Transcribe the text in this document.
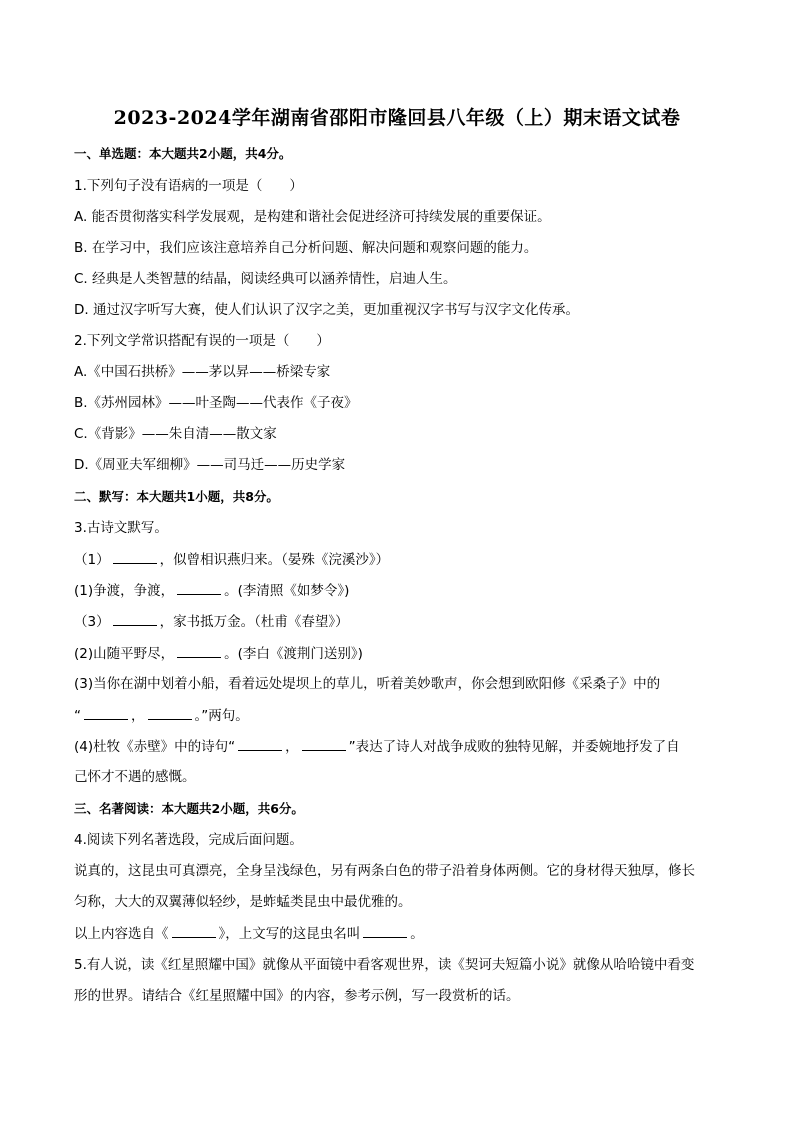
2023-2024学年湖南省邵阳市隆回县八年级（上）期末语文试卷
一、单选题：本大题共2小题，共4分。
1.下列句子没有语病的一项是（　　）
A. 能否贯彻落实科学发展观，是构建和谐社会促进经济可持续发展的重要保证。
B. 在学习中，我们应该注意培养自己分析问题、解决问题和观察问题的能力。
C. 经典是人类智慧的结晶，阅读经典可以涵养情性，启迪人生。
D. 通过汉字听写大赛，使人们认识了汉字之美，更加重视汉字书写与汉字文化传承。
2.下列文学常识搭配有误的一项是（　　）
A.《中国石拱桥》——茅以昇——桥梁专家
B.《苏州园林》——叶圣陶——代表作《子夜》
C.《背影》——朱自清——散文家
D.《周亚夫军细柳》——司马迁——历史学家
二、默写：本大题共1小题，共8分。
3.古诗文默写。
（1）	，似曾相识燕归来。（晏殊《浣溪沙》）
(1)争渡，争渡，	。(李清照《如梦令》)
（3）	，家书抵万金。（杜甫《春望》）
(2)山随平野尽，	。(李白《渡荆门送别》)
(3)当你在湖中划着小船，看着远处堤坝上的草儿，听着美妙歌声，你会想到欧阳修《采桑子》中的
“	，	。”两句。
(4)杜牧《赤壁》中的诗句“	，	”表达了诗人对战争成败的独特见解，并委婉地抒发了自
己怀才不遇的感慨。
三、名著阅读：本大题共2小题，共6分。
4.阅读下列名著选段，完成后面问题。
说真的，这昆虫可真漂亮，全身呈浅绿色，另有两条白色的带子沿着身体两侧。它的身材得天独厚，修长
匀称，大大的双翼薄似轻纱，是蚱蜢类昆虫中最优雅的。
以上内容选自《	》，上文写的这昆虫名叫	。
5.有人说，读《红星照耀中国》就像从平面镜中看客观世界，读《契诃夫短篇小说》就像从哈哈镜中看变
形的世界。请结合《红星照耀中国》的内容，参考示例，写一段赏析的话。
